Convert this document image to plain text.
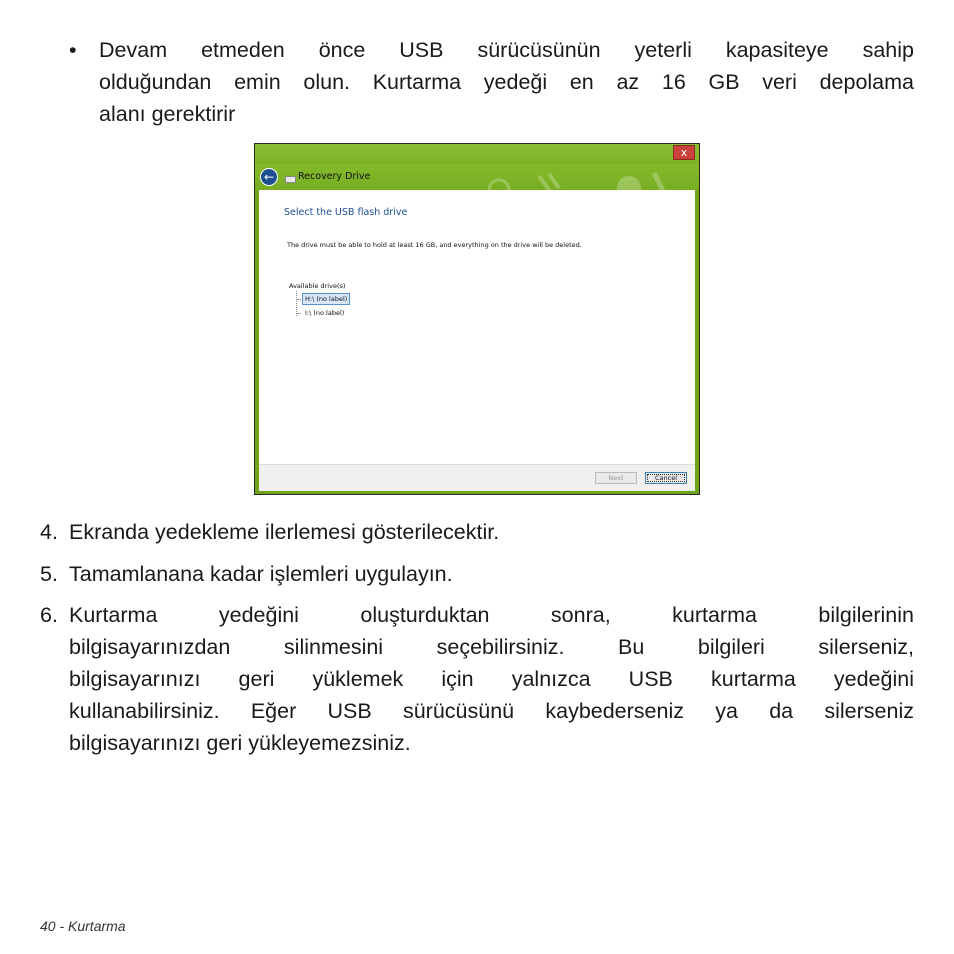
• Devam etmeden önce USB sürücüsünün yeterli kapasiteye sahip
olduğundan emin olun. Kurtarma yedeği en az 16 GB veri depolama
alanı gerektirir
x
←	Recovery Drive
Select the USB flash drive
The drive must be able to hold at least 16 GB, and everything on the drive will be deleted.
Available drive(s)
H:\ (no label)
I:\ (no label)
Next	Cancel
4. Ekranda yedekleme ilerlemesi gösterilecektir.
5. Tamamlanana kadar işlemleri uygulayın.
6. Kurtarma yedeğini oluşturduktan sonra, kurtarma bilgilerinin
bilgisayarınızdan silinmesini seçebilirsiniz. Bu bilgileri silerseniz,
bilgisayarınızı geri yüklemek için yalnızca USB kurtarma yedeğini
kullanabilirsiniz. Eğer USB sürücüsünü kaybederseniz ya da silerseniz
bilgisayarınızı geri yükleyemezsiniz.
40 - Kurtarma
